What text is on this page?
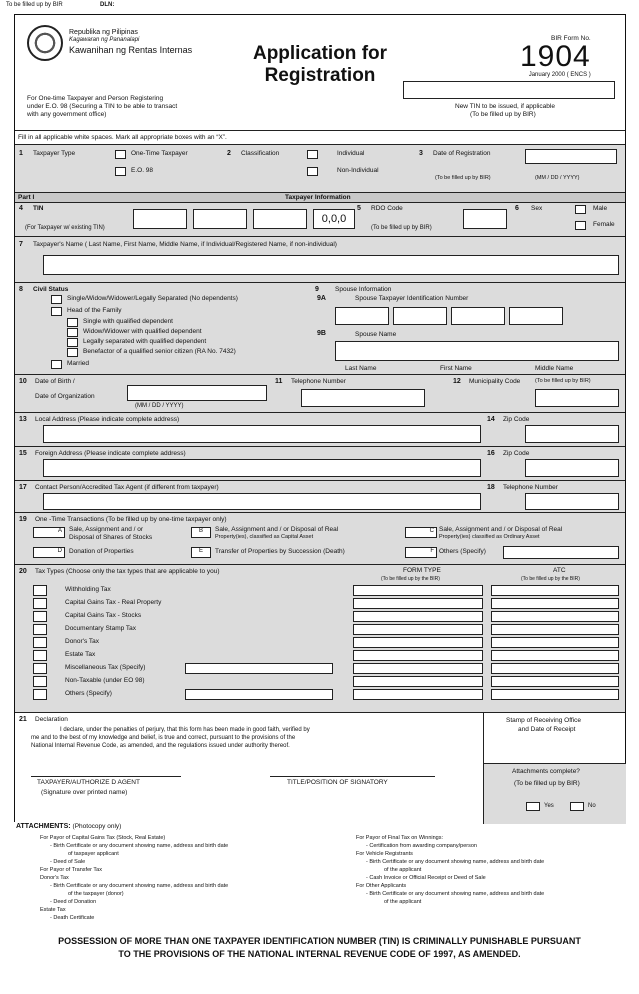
To be filled up by BIR	DLN:
Republika ng Pilipinas
Kagawaran ng Pananalapi
Kawanihan ng Rentas Internas	Application for
Registration
BIR Form No.
1904
January 2000 ( ENCS )
For One-time Taxpayer and Person Registering
under E.O. 98 (Securing a TIN to be able to transact
with any government office)
New TIN to be issued, if applicable
(To be filled up by BIR)
Fill in all applicable white spaces. Mark all appropriate boxes with an “X”.
1 Taxpayer Type	One-Time Taxpayer
E.O. 98
2 Classification	Individual
Non-Individual
3 Date of Registration
(To be filled up by BIR)	(MM / DD / YYYY)
Part I	Taxpayer Information
4 TIN
(For Taxpayer w/ existing TIN)
0,0,0
5 RDO Code
(To be filled up by BIR)
6 Sex	Male
Female
7 Taxpayer's Name ( Last Name, First Name, Middle Name, if Individual/Registered Name, if non-individual)
8 Civil Status
Single/Widow/Widower/Legally Separated (No dependents)
Head of the Family
Single with qualified dependent
Widow/Widower with qualified dependent
Legally separated with qualified dependent
Benefactor of a qualified senior citizen (RA No. 7432)
Married
9 Spouse Information
9A	Spouse Taxpayer Identification Number
9B	Spouse Name
Last Name	First Name	Middle Name
10 Date of Birth /
Date of Organization
(MM / DD / YYYY)
11 Telephone Number	12 Municipality Code	(To be filled up by BIR)
13 Local Address (Please indicate complete address)	14 Zip Code
15 Foreign Address (Please indicate complete address)	16 Zip Code
17 Contact Person/Accredited Tax Agent (if different from taxpayer)	18 Telephone Number
19 One -Time Transactions (To be filled up by one-time taxpayer only)
A	Sale, Assignment and / or
Disposal of Shares of Stocks
B	Sale, Assignment and / or Disposal of Real
Property(ies), classified as Capital Asset
C Sale, Assignment and / or Disposal of Real
Property(ies) classified as Ordinary Asset
D	Donation of Properties	E	Transfer of Properties by Succession (Death)	F Others (Specify)
20 Tax Types (Choose only the tax types that are applicable to you)	FORM TYPE
(To be filled up by the BIR)
ATC
(To be filled up by the BIR)
Withholding Tax
Capital Gains Tax - Real Property
Capital Gains Tax - Stocks
Documentary Stamp Tax
Donor's Tax
Estate Tax
Miscellaneous Tax (Specify)
Non-Taxable (under EO 98)
Others (Specify)
21 Declaration
I declare, under the penalties of perjury, that this form has been made in good faith, verified by
me and to the best of my knowledge and belief, is true and correct, pursuant to the provisions of the
National Internal Revenue Code, as amended, and the regulations issued under authority thereof.
TAXPAYER/AUTHORIZE D AGENT
(Signature over printed name)
TITLE/POSITION OF SIGNATORY
Stamp of Receiving Office
and Date of Receipt
Attachments complete?
(To be filled up by BIR)
Yes	No
ATTACHMENTS: (Photocopy only)
For Payor of Capital Gains Tax (Stock, Real Estate)
- Birth Certificate or any document showing name, address and birth date
of taxpayer applicant
- Deed of Sale
For Payor of Transfer Tax
Donor's Tax
- Birth Certificate or any document showing name, address and birth date
of the taxpayer (donor)
- Deed of Donation
Estate Tax
- Death Certificate
For Payor of Final Tax on Winnings:
- Certification from awarding company/person
For Vehicle Registrants
- Birth Certificate or any document showing name, address and birth date
of the applicant
- Cash Invoice or Official Receipt or Deed of Sale
For Other Applicants
- Birth Certificate or any document showing name, address and birth date
of the applicant
POSSESSION OF MORE THAN ONE TAXPAYER IDENTIFICATION NUMBER (TIN) IS CRIMINALLY PUNISHABLE PURSUANT
TO THE PROVISIONS OF THE NATIONAL INTERNAL REVENUE CODE OF 1997, AS AMENDED.
